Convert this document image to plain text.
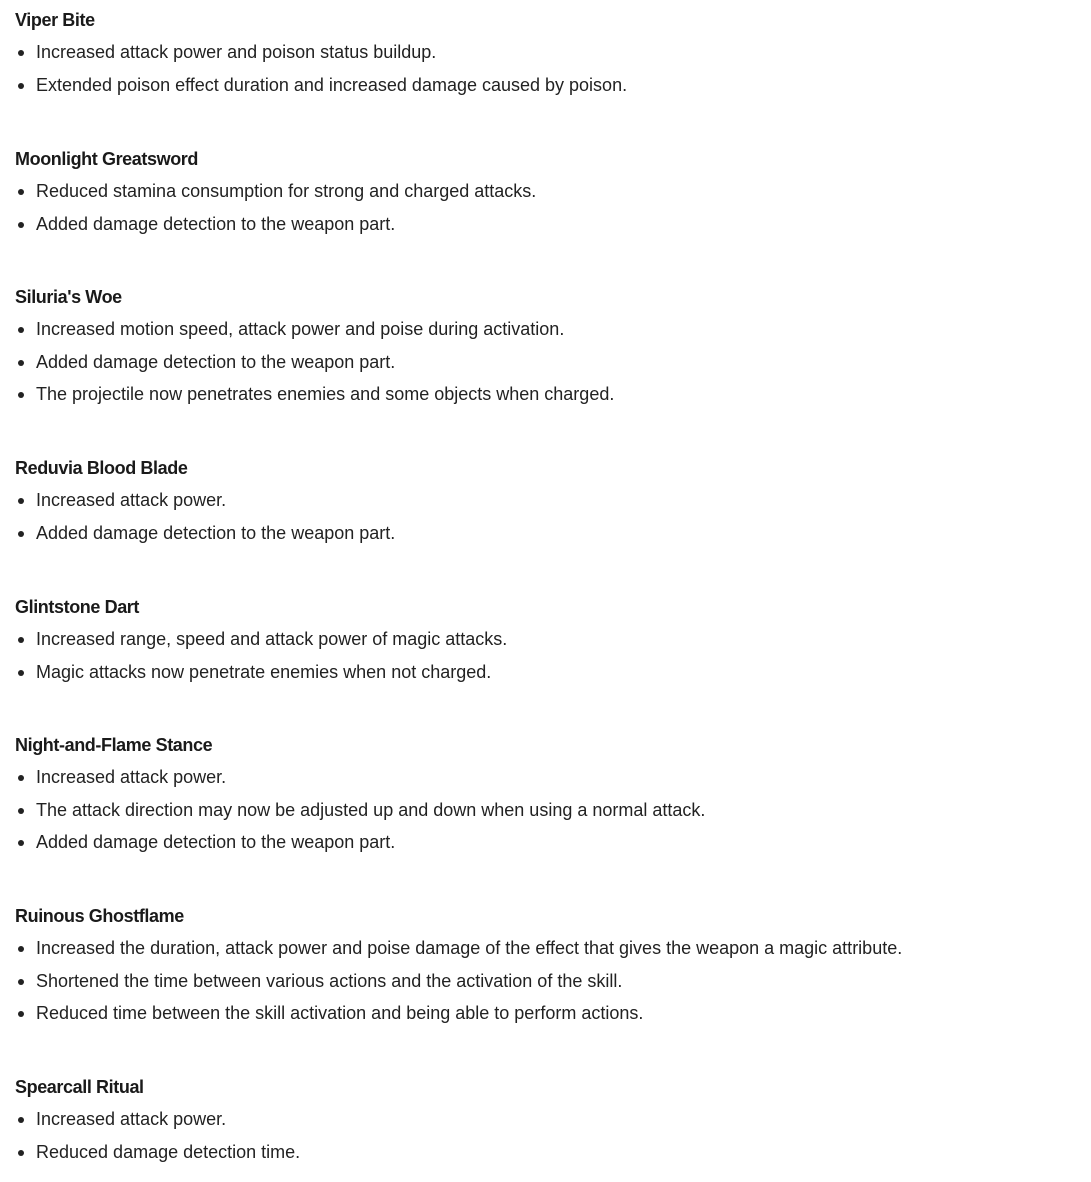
Viper Bite
Increased attack power and poison status buildup.
Extended poison effect duration and increased damage caused by poison.
Moonlight Greatsword
Reduced stamina consumption for strong and charged attacks.
Added damage detection to the weapon part.
Siluria's Woe
Increased motion speed, attack power and poise during activation.
Added damage detection to the weapon part.
The projectile now penetrates enemies and some objects when charged.
Reduvia Blood Blade
Increased attack power.
Added damage detection to the weapon part.
Glintstone Dart
Increased range, speed and attack power of magic attacks.
Magic attacks now penetrate enemies when not charged.
Night-and-Flame Stance
Increased attack power.
The attack direction may now be adjusted up and down when using a normal attack.
Added damage detection to the weapon part.
Ruinous Ghostflame
Increased the duration, attack power and poise damage of the effect that gives the weapon a magic attribute.
Shortened the time between various actions and the activation of the skill.
Reduced time between the skill activation and being able to perform actions.
Spearcall Ritual
Increased attack power.
Reduced damage detection time.
